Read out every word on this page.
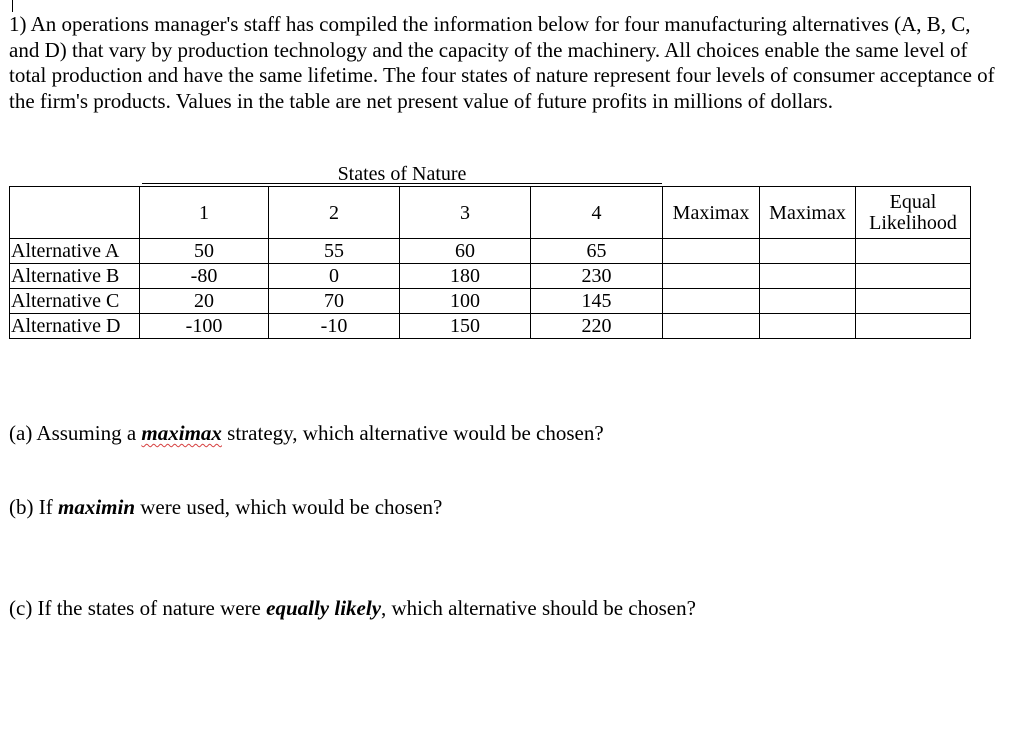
1) An operations manager's staff has compiled the information below for four manufacturing alternatives (A, B, C, and D) that vary by production technology and the capacity of the machinery. All choices enable the same level of total production and have the same lifetime. The four states of nature represent four levels of consumer acceptance of the firm's products. Values in the table are net present value of future profits in millions of dollars.

States of Nature
	1	2	3	4	Maximax	Maximax	Equal
Likelihood
Alternative A	50	55	60	65			
Alternative B	-80	0	180	230			
Alternative C	20	70	100	145			
Alternative D	-100	-10	150	220			

(a) Assuming a maximax strategy, which alternative would be chosen?

(b) If maximin were used, which would be chosen?

(c) If the states of nature were equally likely, which alternative should be chosen?
